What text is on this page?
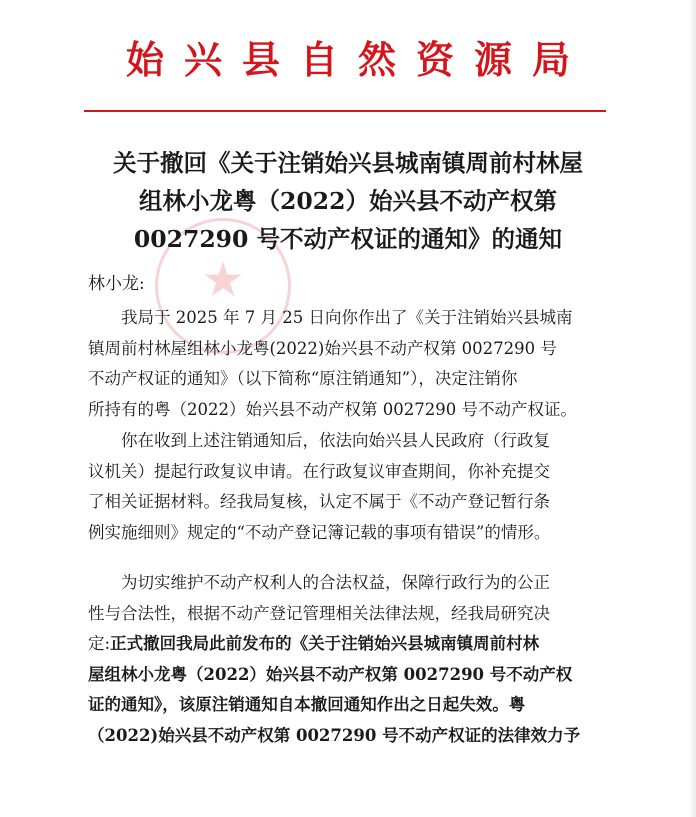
★
始兴县自然资源局
关于撤回《关于注销始兴县城南镇周前村林屋
组林小龙粤（2022）始兴县不动产权第
0027290 号不动产权证的通知》的通知
林小龙:
我局于 2025 年 7 月 25 日向你作出了《关于注销始兴县城南
镇周前村林屋组林小龙粤(2022)始兴县不动产权第 0027290 号
不动产权证的通知》（以下简称“原注销通知”），决定注销你
所持有的粤（2022）始兴县不动产权第 0027290 号不动产权证。
你在收到上述注销通知后，依法向始兴县人民政府（行政复
议机关）提起行政复议申请。在行政复议审查期间，你补充提交
了相关证据材料。经我局复核，认定不属于《不动产登记暂行条
例实施细则》规定的“不动产登记簿记载的事项有错误”的情形。
为切实维护不动产权利人的合法权益，保障行政行为的公正
性与合法性，根据不动产登记管理相关法律法规，经我局研究决
定:正式撤回我局此前发布的《关于注销始兴县城南镇周前村林
屋组林小龙粤（2022）始兴县不动产权第 0027290 号不动产权
证的通知》，该原注销通知自本撤回通知作出之日起失效。粤
（2022)始兴县不动产权第 0027290 号不动产权证的法律效力予
